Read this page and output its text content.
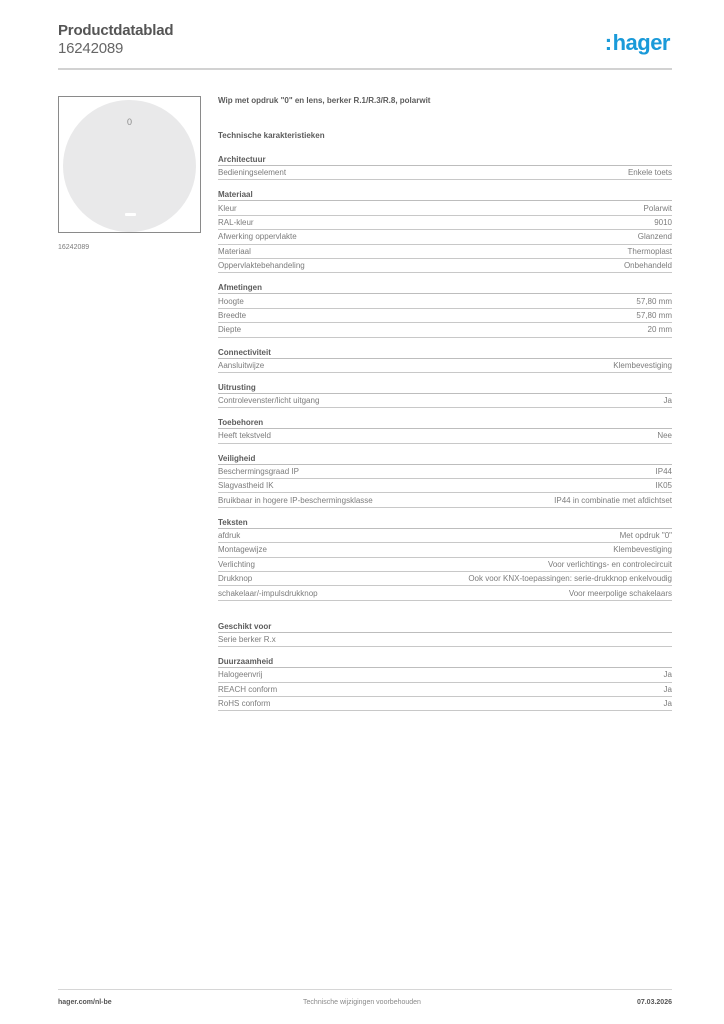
Productdatablad
16242089	:hager
0
16242089
Wip met opdruk "0" en lens, berker R.1/R.3/R.8, polarwit
Technische karakteristieken
Architectuur
Bedieningselement	Enkele toets
Materiaal
Kleur	Polarwit
RAL-kleur	9010
Afwerking oppervlakte	Glanzend
Materiaal	Thermoplast
Oppervlaktebehandeling	Onbehandeld
Afmetingen
Hoogte	57,80 mm
Breedte	57,80 mm
Diepte	20 mm
Connectiviteit
Aansluitwijze	Klembevestiging
Uitrusting
Controlevenster/licht uitgang	Ja
Toebehoren
Heeft tekstveld	Nee
Veiligheid
Beschermingsgraad IP	IP44
Slagvastheid IK	IK05
Bruikbaar in hogere IP-beschermingsklasse	IP44 in combinatie met afdichtset
Teksten
afdruk	Met opdruk "0"
Montagewijze	Klembevestiging
Verlichting	Voor verlichtings- en controlecircuit
Drukknop	Ook voor KNX-toepassingen: serie-drukknop enkelvoudig
schakelaar/-impulsdrukknop	Voor meerpolige schakelaars
Geschikt voor
Serie berker R.x
Duurzaamheid
Halogeenvrij	Ja
REACH conform	Ja
RoHS conform	Ja
hager.com/nl-be	Technische wijzigingen voorbehouden	07.03.2026
